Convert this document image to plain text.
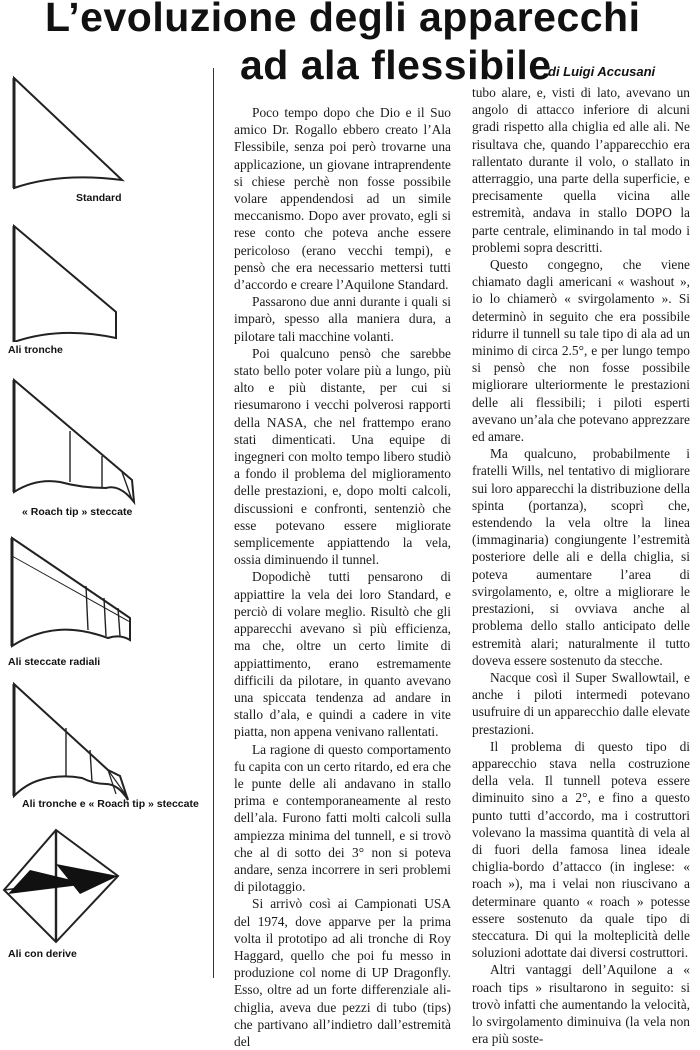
L’evoluzione degli apparecchi
ad ala flessibile
di Luigi Accusani
Standard
Ali tronche
« Roach tip » steccate
Ali steccate radiali
Ali tronche e « Roach tip » steccate
Ali con derive

Poco tempo dopo che Dio e il Suo amico Dr. Rogallo ebbero creato l’Ala Flessibile, senza poi però trovarne una applicazione, un giovane intraprendente si chiese perchè non fosse possibile volare appendendosi ad un simile meccanismo. Dopo aver provato, egli si rese conto che poteva anche essere pericoloso (erano vecchi tempi), e pensò che era necessario mettersi tutti d’accordo e creare l’Aquilone Standard.

Passarono due anni durante i quali si imparò, spesso alla maniera dura, a pilotare tali macchine volanti.

Poi qualcuno pensò che sarebbe stato bello poter volare più a lungo, più alto e più distante, per cui si riesumarono i vecchi polverosi rapporti della NASA, che nel frattempo erano stati dimenticati. Una equipe di ingegneri con molto tempo libero studiò a fondo il problema del miglioramento delle prestazioni, e, dopo molti calcoli, discussioni e confronti, sentenziò che esse potevano essere migliorate semplicemente appiattendo la vela, ossia diminuendo il tunnel.

Dopodichè tutti pensarono di appiattire la vela dei loro Standard, e perciò di volare meglio. Risultò che gli apparecchi avevano sì più efficienza, ma che, oltre un certo limite di appiattimento, erano estremamente difficili da pilotare, in quanto avevano una spiccata tendenza ad andare in stallo d’ala, e quindi a cadere in vite piatta, non appena venivano rallentati.

La ragione di questo comportamento fu capita con un certo ritardo, ed era che le punte delle ali andavano in stallo prima e contemporaneamente al resto dell’ala. Furono fatti molti calcoli sulla ampiezza minima del tunnell, e si trovò che al di sotto dei 3° non si poteva andare, senza incorrere in seri problemi di pilotaggio.

Si arrivò così ai Campionati USA del 1974, dove apparve per la prima volta il prototipo ad ali tronche di Roy Haggard, quello che poi fu messo in produzione col nome di UP Dragonfly. Esso, oltre ad un forte differenziale ali-chiglia, aveva due pezzi di tubo (tips) che partivano all’indietro dall’estremità del

tubo alare, e, visti di lato, avevano un angolo di attacco inferiore di alcuni gradi rispetto alla chiglia ed alle ali. Ne risultava che, quando l’apparecchio era rallentato durante il volo, o stallato in atterraggio, una parte della superficie, e precisamente quella vicina alle estremità, andava in stallo DOPO la parte centrale, eliminando in tal modo i problemi sopra descritti.

Questo congegno, che viene chiamato dagli americani « washout », io lo chiamerò « svirgolamento ». Si determinò in seguito che era possibile ridurre il tunnell su tale tipo di ala ad un minimo di circa 2.5°, e per lungo tempo si pensò che non fosse possibile migliorare ulteriormente le prestazioni delle ali flessibili; i piloti esperti avevano un’ala che potevano apprezzare ed amare.

Ma qualcuno, probabilmente i fratelli Wills, nel tentativo di migliorare sui loro apparecchi la distribuzione della spinta (portanza), scoprì che, estendendo la vela oltre la linea (immaginaria) congiungente l’estremità posteriore delle ali e della chiglia, si poteva aumentare l’area di svirgolamento, e, oltre a migliorare le prestazioni, si ovviava anche al problema dello stallo anticipato delle estremità alari; naturalmente il tutto doveva essere sostenuto da stecche.

Nacque così il Super Swallowtail, e anche i piloti intermedi potevano usufruire di un apparecchio dalle elevate prestazioni.

Il problema di questo tipo di apparecchio stava nella costruzione della vela. Il tunnell poteva essere diminuito sino a 2°, e fino a questo punto tutti d’accordo, ma i costruttori volevano la massima quantità di vela al di fuori della famosa linea ideale chiglia-bordo d’attacco (in inglese: « roach »), ma i velai non riuscivano a determinare quanto « roach » potesse essere sostenuto da quale tipo di steccatura. Di qui la molteplicità delle soluzioni adottate dai diversi costruttori.

Altri vantaggi dell’Aquilone a « roach tips » risultarono in seguito: si trovò infatti che aumentando la velocità, lo svirgolamento diminuiva (la vela non era più soste-
